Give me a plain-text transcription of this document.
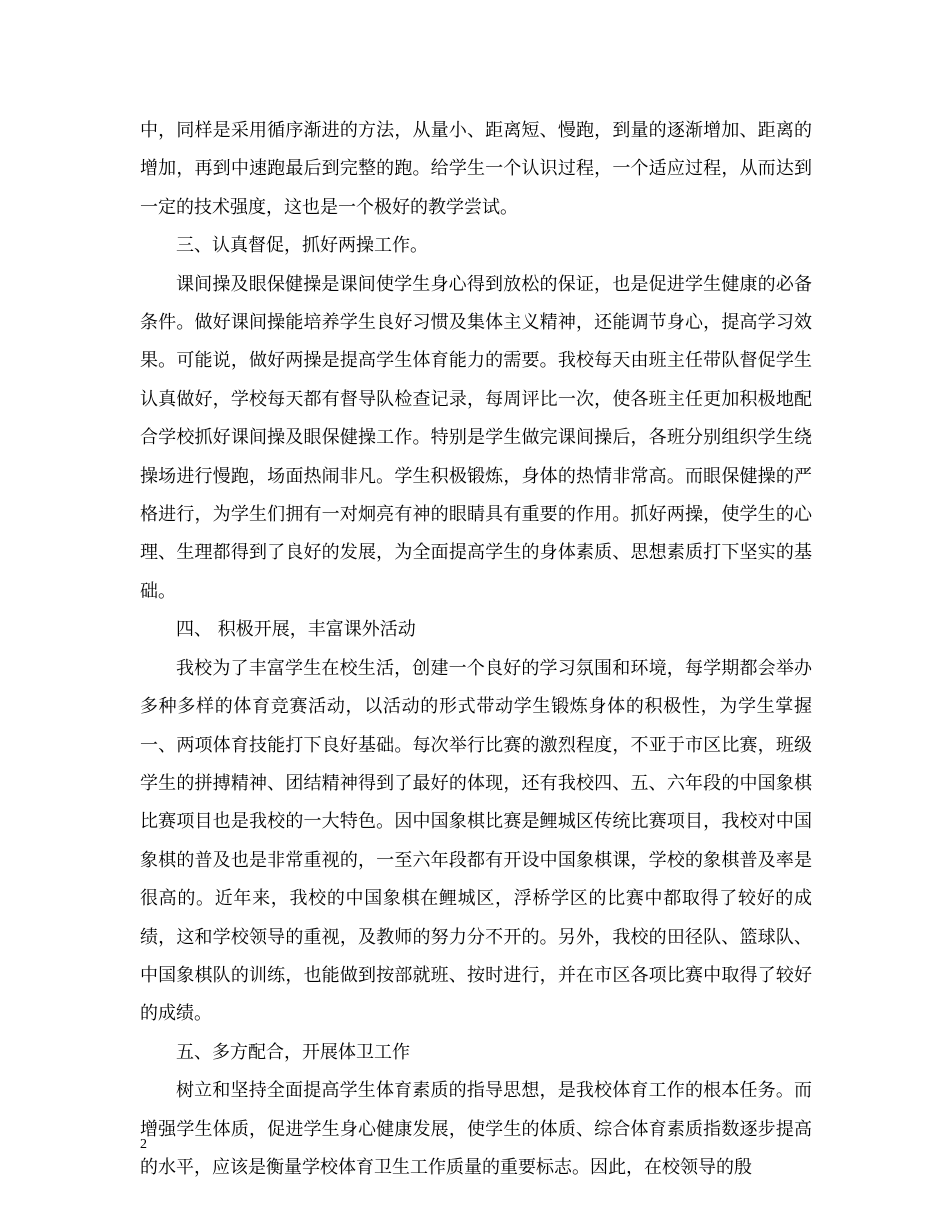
中，同样是采用循序渐进的方法，从量小、距离短、慢跑，到量的逐渐增加、距离的增加，再到中速跑最后到完整的跑。给学生一个认识过程，一个适应过程，从而达到一定的技术强度，这也是一个极好的教学尝试。

三、认真督促，抓好两操工作。

课间操及眼保健操是课间使学生身心得到放松的保证，也是促进学生健康的必备条件。做好课间操能培养学生良好习惯及集体主义精神，还能调节身心，提高学习效果。可能说，做好两操是提高学生体育能力的需要。我校每天由班主任带队督促学生认真做好，学校每天都有督导队检查记录，每周评比一次，使各班主任更加积极地配合学校抓好课间操及眼保健操工作。特别是学生做完课间操后，各班分别组织学生绕操场进行慢跑，场面热闹非凡。学生积极锻炼，身体的热情非常高。而眼保健操的严格进行，为学生们拥有一对炯亮有神的眼睛具有重要的作用。抓好两操，使学生的心理、生理都得到了良好的发展，为全面提高学生的身体素质、思想素质打下坚实的基础。

四、 积极开展，丰富课外活动

我校为了丰富学生在校生活，创建一个良好的学习氛围和环境，每学期都会举办多种多样的体育竞赛活动，以活动的形式带动学生锻炼身体的积极性，为学生掌握一、两项体育技能打下良好基础。每次举行比赛的激烈程度，不亚于市区比赛，班级学生的拼搏精神、团结精神得到了最好的体现，还有我校四、五、六年段的中国象棋比赛项目也是我校的一大特色。因中国象棋比赛是鲤城区传统比赛项目，我校对中国象棋的普及也是非常重视的，一至六年段都有开设中国象棋课，学校的象棋普及率是很高的。近年来，我校的中国象棋在鲤城区，浮桥学区的比赛中都取得了较好的成绩，这和学校领导的重视，及教师的努力分不开的。另外，我校的田径队、篮球队、中国象棋队的训练，也能做到按部就班、按时进行，并在市区各项比赛中取得了较好的成绩。

五、多方配合，开展体卫工作

树立和坚持全面提高学生体育素质的指导思想，是我校体育工作的根本任务。而增强学生体质，促进学生身心健康发展，使学生的体质、综合体育素质指数逐步提高的水平，应该是衡量学校体育卫生工作质量的重要标志。因此，在校领导的殷

2
